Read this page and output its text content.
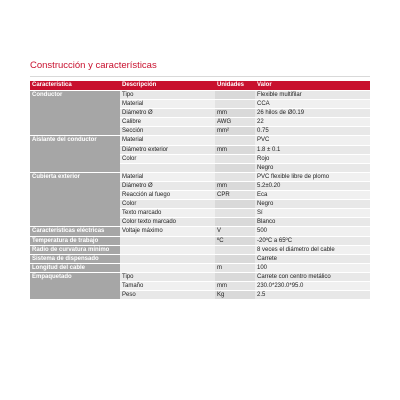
Construcción y características
Característica	Descripción	Unidades	Valor
Conductor	Tipo		Flexible multifilar
	Material		CCA
	Diámetro Ø	mm	26 hilos de Ø0.19
	Calibre	AWG	22
	Sección	mm²	0.75
Aislante del conductor	Material		PVC
	Diámetro exterior	mm	1.8 ± 0.1
	Color		Rojo
			Negro
Cubierta exterior	Material		PVC flexible libre de plomo
	Diámetro Ø	mm	5.2±0.20
	Reacción al fuego	CPR	Eca
	Color		Negro
	Texto marcado		Sí
	Color texto marcado		Blanco
Características eléctricas	Voltaje máximo	V	500
Temperatura de trabajo		ºC	-20ºC a 65ºC
Radio de curvatura mínimo			8 veces el diámetro del cable
Sistema de dispensado			Carrete
Longitud del cable		m	100
Empaquetado	Tipo		Carrete con centro metálico
	Tamaño	mm	230.0*230.0*95.0
	Peso	Kg	2.5
